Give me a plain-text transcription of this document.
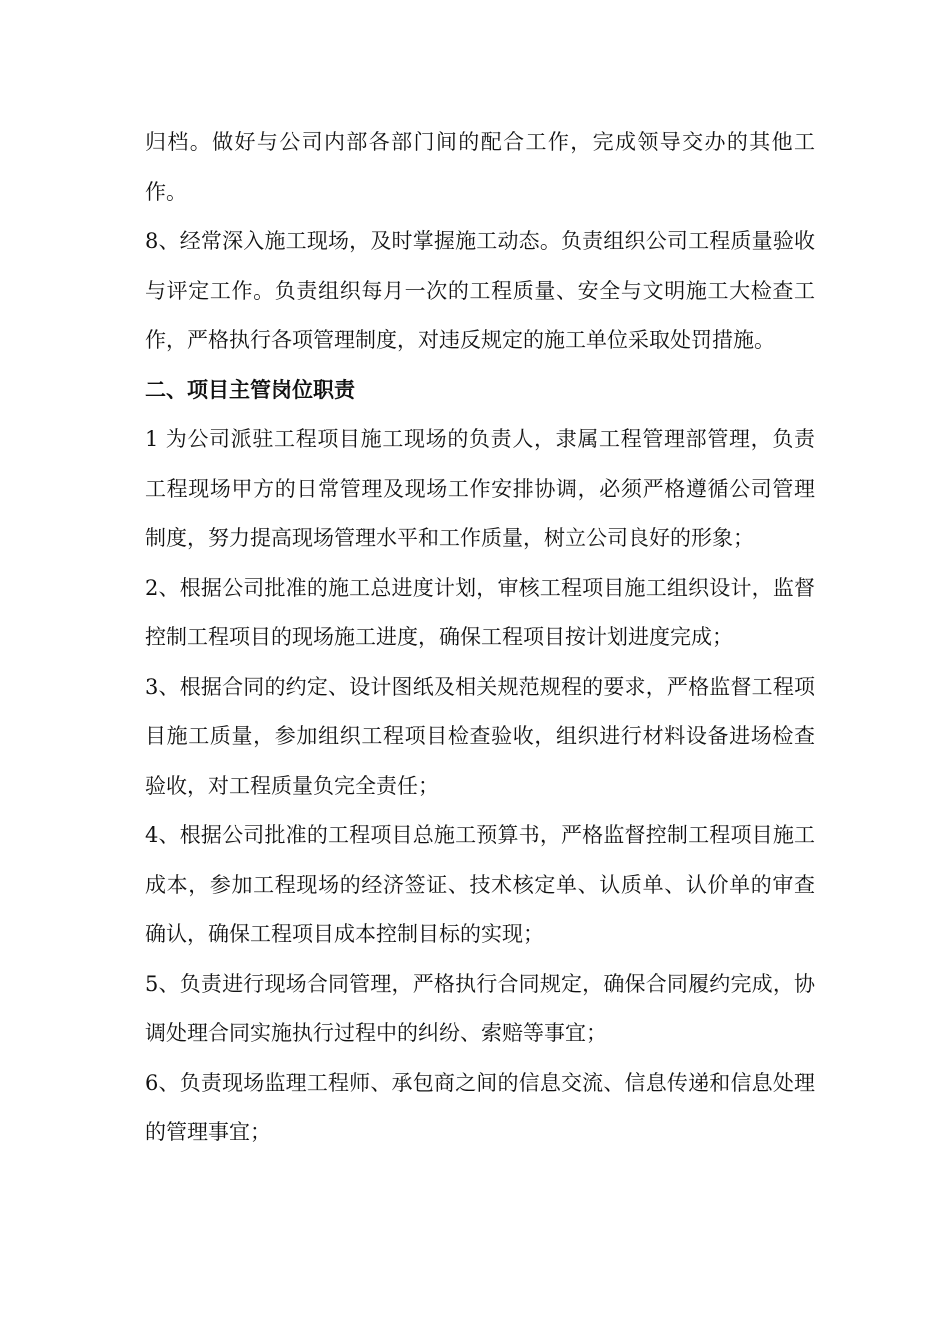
归档。做好与公司内部各部门间的配合工作，完成领导交办的其他工作。

8、经常深入施工现场，及时掌握施工动态。负责组织公司工程质量验收与评定工作。负责组织每月一次的工程质量、安全与文明施工大检查工作，严格执行各项管理制度，对违反规定的施工单位采取处罚措施。

二、项目主管岗位职责

1 为公司派驻工程项目施工现场的负责人，隶属工程管理部管理，负责工程现场甲方的日常管理及现场工作安排协调，必须严格遵循公司管理制度，努力提高现场管理水平和工作质量，树立公司良好的形象；

2、根据公司批准的施工总进度计划，审核工程项目施工组织设计，监督控制工程项目的现场施工进度，确保工程项目按计划进度完成；

3、根据合同的约定、设计图纸及相关规范规程的要求，严格监督工程项目施工质量，参加组织工程项目检查验收，组织进行材料设备进场检查验收，对工程质量负完全责任；

4、根据公司批准的工程项目总施工预算书，严格监督控制工程项目施工成本，参加工程现场的经济签证、技术核定单、认质单、认价单的审查确认，确保工程项目成本控制目标的实现；

5、负责进行现场合同管理，严格执行合同规定，确保合同履约完成，协调处理合同实施执行过程中的纠纷、索赔等事宜；

6、负责现场监理工程师、承包商之间的信息交流、信息传递和信息处理的管理事宜；
